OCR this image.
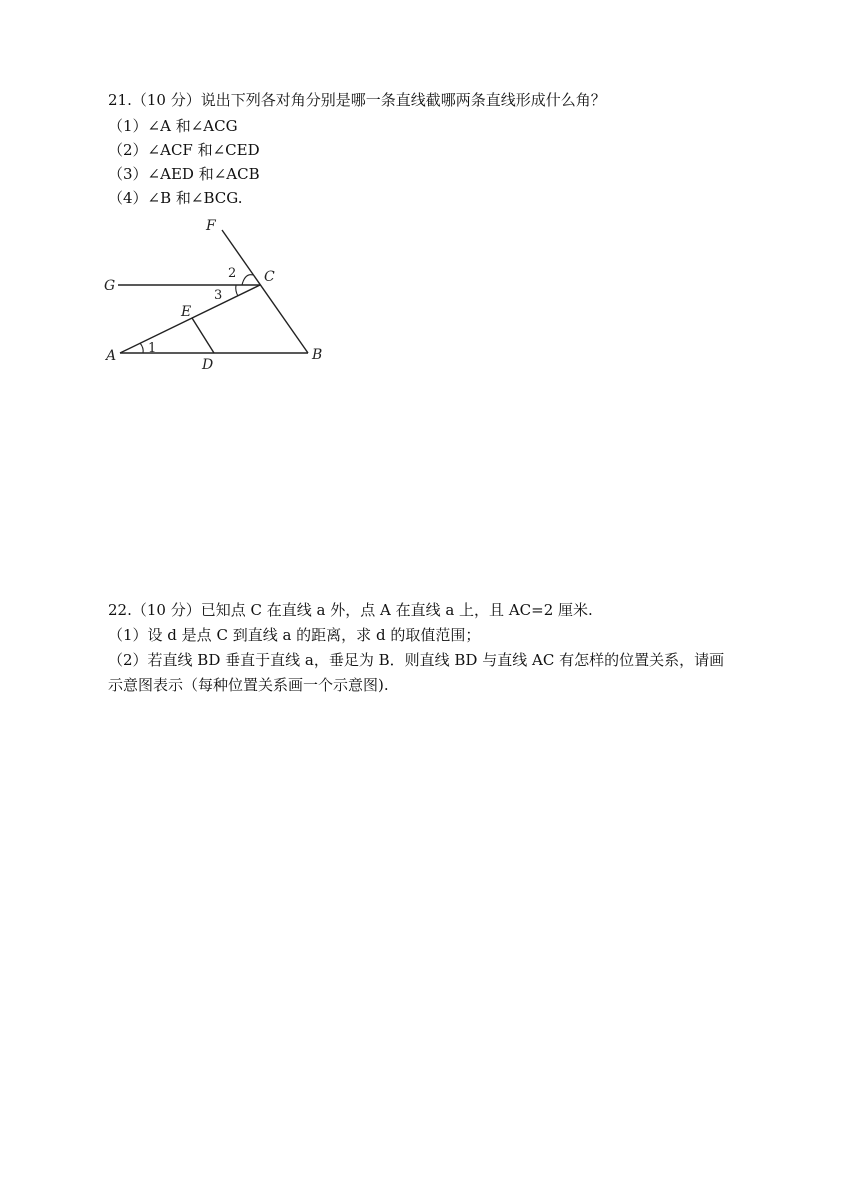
21.（10 分）说出下列各对角分别是哪一条直线截哪两条直线形成什么角？
（1）∠A 和∠ACG
（2）∠ACF 和∠CED
（3）∠AED 和∠ACB
（4）∠B 和∠BCG.
F
G
C
E
A
D
B
1
2
3
22.（10 分）已知点 C 在直线 a 外，点 A 在直线 a 上，且 AC=2 厘米.
（1）设 d 是点 C 到直线 a 的距离，求 d 的取值范围；
（2）若直线 BD 垂直于直线 a，垂足为 B．则直线 BD 与直线 AC 有怎样的位置关系，请画
示意图表示（每种位置关系画一个示意图).
